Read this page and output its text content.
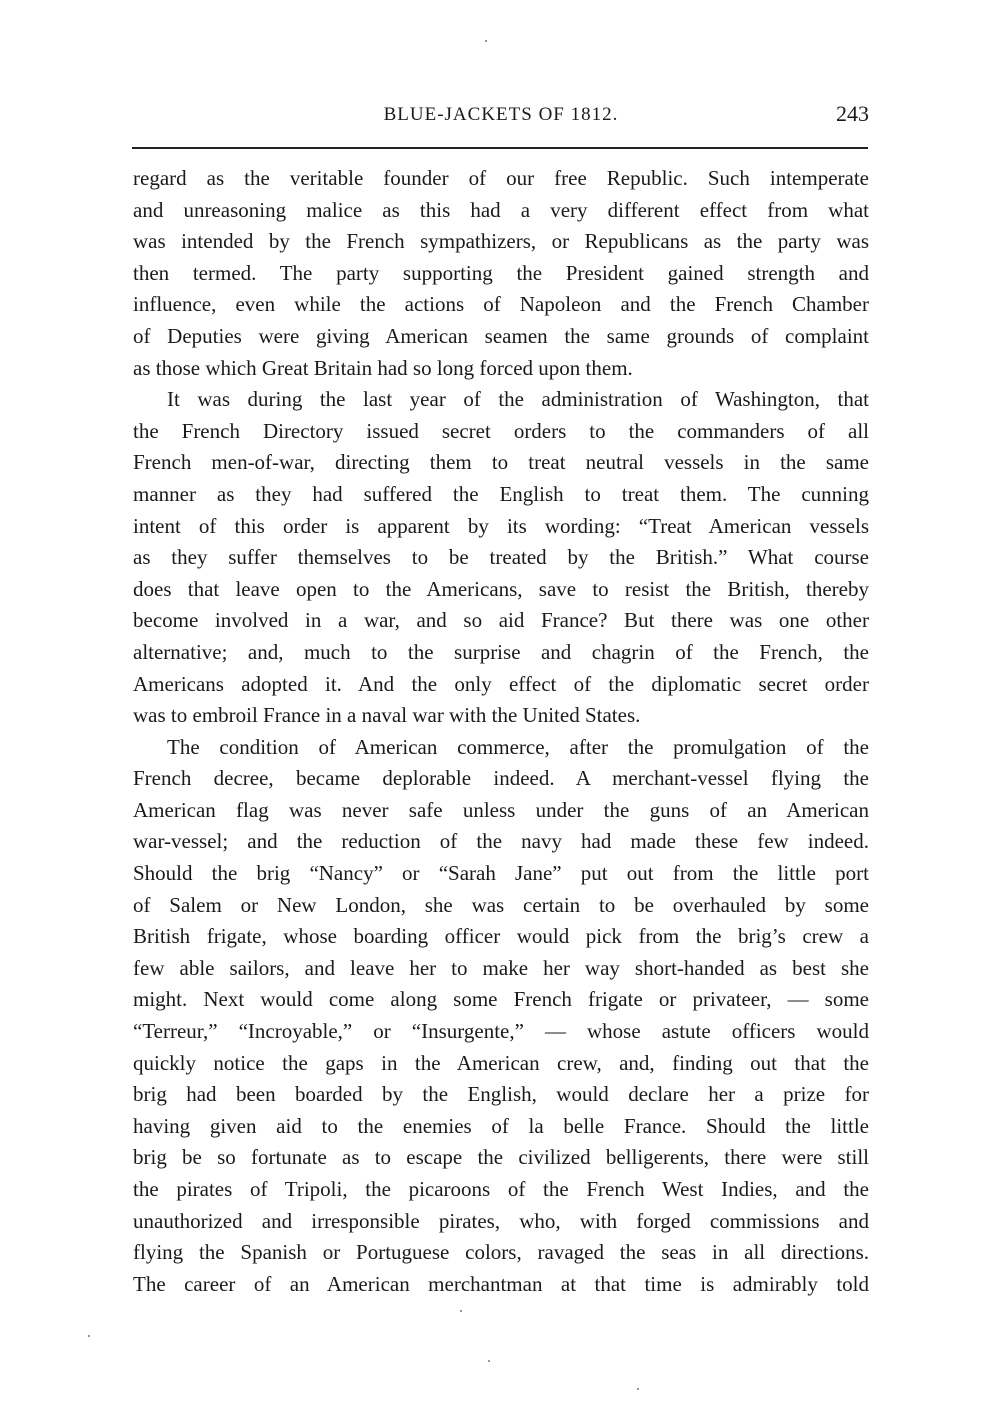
BLUE-JACKETS OF 1812.	243
regard as the veritable founder of our free Republic. Such intemperate
and unreasoning malice as this had a very different effect from what
was intended by the French sympathizers, or Republicans as the party was
then termed. The party supporting the President gained strength and
influence, even while the actions of Napoleon and the French Chamber
of Deputies were giving American seamen the same grounds of complaint
as those which Great Britain had so long forced upon them.
It was during the last year of the administration of Washington, that
the French Directory issued secret orders to the commanders of all
French men-of-war, directing them to treat neutral vessels in the same
manner as they had suffered the English to treat them. The cunning
intent of this order is apparent by its wording: “Treat American vessels
as they suffer themselves to be treated by the British.” What course
does that leave open to the Americans, save to resist the British, thereby
become involved in a war, and so aid France? But there was one other
alternative; and, much to the surprise and chagrin of the French, the
Americans adopted it. And the only effect of the diplomatic secret order
was to embroil France in a naval war with the United States.
The condition of American commerce, after the promulgation of the
French decree, became deplorable indeed. A merchant-vessel flying the
American flag was never safe unless under the guns of an American
war-vessel; and the reduction of the navy had made these few indeed.
Should the brig “Nancy” or “Sarah Jane” put out from the little port
of Salem or New London, she was certain to be overhauled by some
British frigate, whose boarding officer would pick from the brig’s crew a
few able sailors, and leave her to make her way short-handed as best she
might. Next would come along some French frigate or privateer, — some
“Terreur,” “Incroyable,” or “Insurgente,” — whose astute officers would
quickly notice the gaps in the American crew, and, finding out that the
brig had been boarded by the English, would declare her a prize for
having given aid to the enemies of la belle France. Should the little
brig be so fortunate as to escape the civilized belligerents, there were still
the pirates of Tripoli, the picaroons of the French West Indies, and the
unauthorized and irresponsible pirates, who, with forged commissions and
flying the Spanish or Portuguese colors, ravaged the seas in all directions.
The career of an American merchantman at that time is admirably told
